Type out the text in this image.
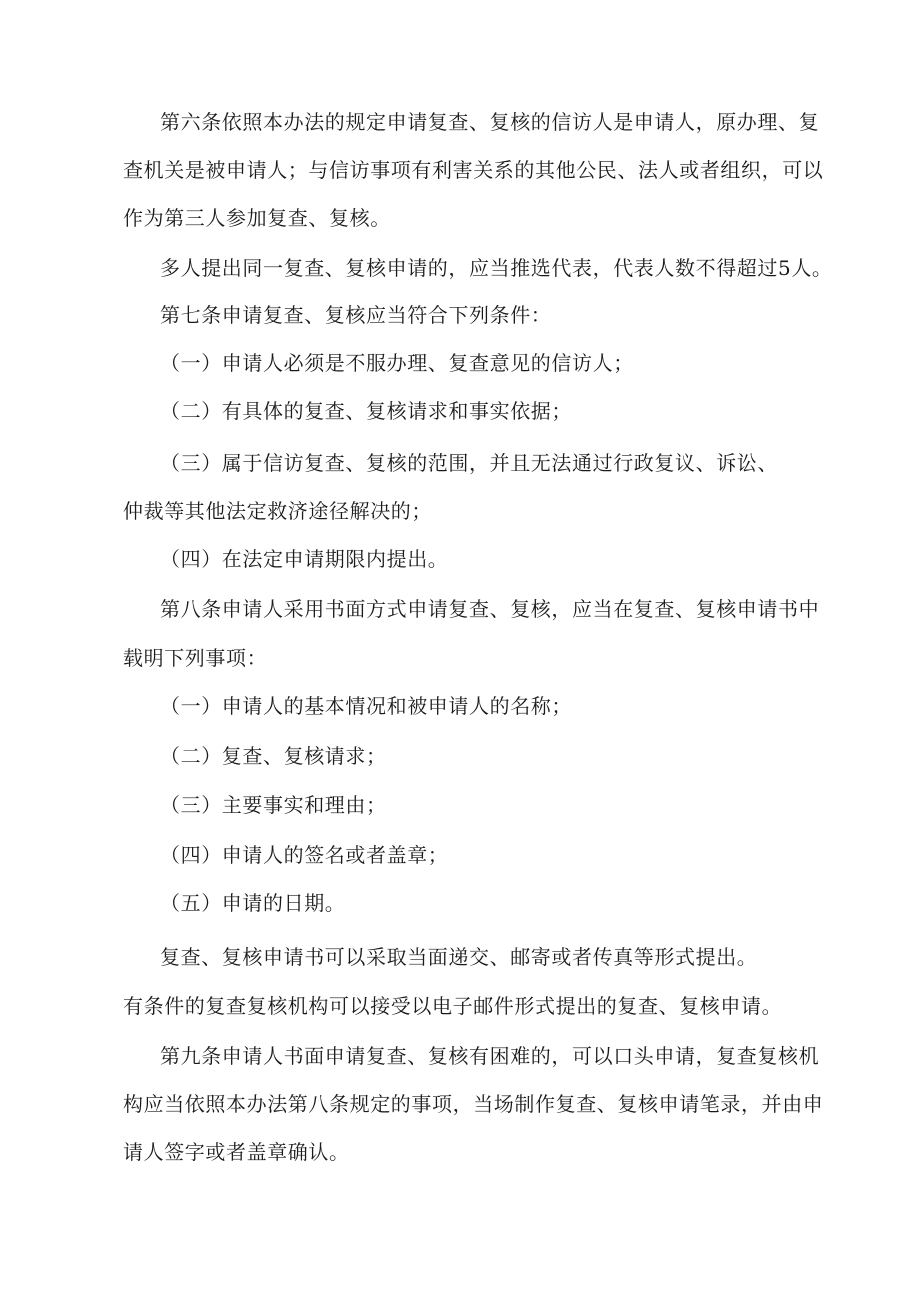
第六条依照本办法的规定申请复查、复核的信访人是申请人，原办理、复
查机关是被申请人；与信访事项有利害关系的其他公民、法人或者组织，可以
作为第三人参加复查、复核。
多人提出同一复查、复核申请的，应当推选代表，代表人数不得超过5人。
第七条申请复查、复核应当符合下列条件：
（一）申请人必须是不服办理、复查意见的信访人；
（二）有具体的复查、复核请求和事实依据；
（三）属于信访复查、复核的范围，并且无法通过行政复议、诉讼、
仲裁等其他法定救济途径解决的；
（四）在法定申请期限内提出。
第八条申请人采用书面方式申请复查、复核，应当在复查、复核申请书中
载明下列事项：
（一）申请人的基本情况和被申请人的名称；
（二）复查、复核请求；
（三）主要事实和理由；
（四）申请人的签名或者盖章；
（五）申请的日期。
复查、复核申请书可以采取当面递交、邮寄或者传真等形式提出。
有条件的复查复核机构可以接受以电子邮件形式提出的复查、复核申请。
第九条申请人书面申请复查、复核有困难的，可以口头申请，复查复核机
构应当依照本办法第八条规定的事项，当场制作复查、复核申请笔录，并由申
请人签字或者盖章确认。
